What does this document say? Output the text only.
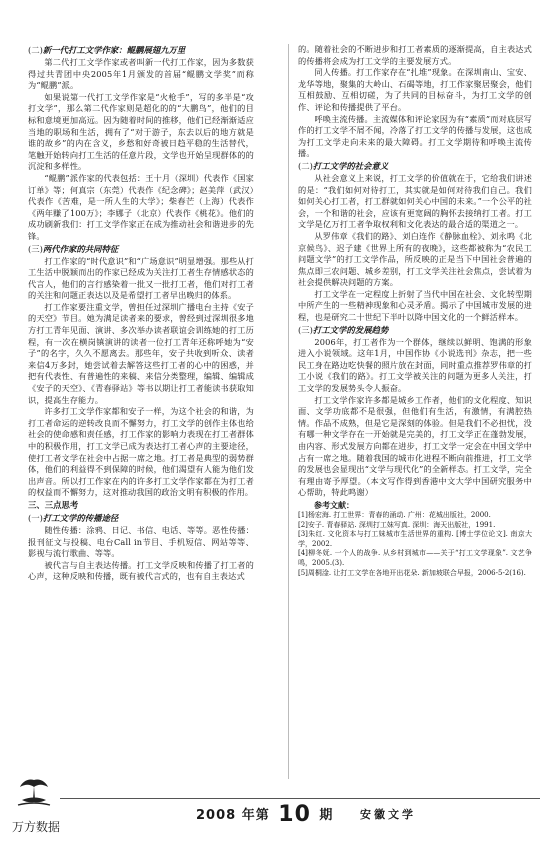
(二)新一代打工文学作家：鲲鹏展翅九万里

第二代打工文学作家或者叫新一代打工作家，因为多数获得过共青团中央2005年1月颁发的首届“鲲鹏文学奖”而称为“鲲鹏”派。

如果说第一代打工文学作家是“火枪手”，写的多半是“攻打文学”，那么第二代作家则是超化的的“大鹏鸟”，他们的目标和意境更加高远。因为随着时间的推移，他们已经渐渐适应当地的职场和生活，拥有了“对于游子，东去以后的地方就是谁的故乡”的内在含义，乡愁和好奇被日趋平稳的生活替代，笔触开始转向打工生活的任意片段，文学也开始呈现群体的的沉淀和多样性。

“鲲鹏”派作家的代表包括：王十月（深圳）代表作《国家订单》等；何真宗（东莞）代表作《纪念碑》；赵美萍（武汉）代表作《苦难，是一所人生的大学》；柴春芒（上海）代表作《两年赚了100万》；李娜子（北京）代表作《桃花》。他们的成功刷新我们：打工文学作家正在成为推动社会和谐进步的先锋。

(三)两代作家的共同特征

打工作家的“时代意识”和“广场意识”明显增强。那些从打工生活中脱颖而出的作家已经成为关注打工者生存情感状态的代言人，他们的言行感染着一批又一批打工者，他们对打工者的关注和问题正表达以及是希望打工者早出晚归的体系。

打工作家要注重文学，曾担任过深圳广播电台主持《安子的天空》节目。她为满足读者来的要求，曾经到过深圳很多地方打工青年见面、演讲、多次举办读者联谊会训练她的打工历程，有一次在横岗镇演讲的读者一位打工青年还称呼她为“安子”的名字，久久不愿离去。那些年，安子共收到听众、读者来信4万多封，她尝试着去解答这些打工者的心中的困惑，并把有代表性、有普遍性的来稿、来信分类整理，编辑、编辑成《安子的天空》、《青春驿站》等书以期让打工者能读书获取知识，提高生存能力。

许多打工文学作家都和安子一样，为这个社会的和谐，为打工者命运的逆转改良而不懈努力，打工文学的创作主体也给社会的使命感和责任感，打工作家的影响力表现在打工者群体中的积极作用，打工文学已成为表达打工者心声的主要途径，使打工者文学在社会中占据一席之地。打工者是典型的弱势群体，他们的利益得不到保障的时候，他们渴望有人能为他们发出声音。所以打工作家在内的许多打工文学作家都在为打工者的权益而不懈努力，这对推动我国的政治文明有积极的作用。

三、三点思考

(一)打工文学的传播途径

随性传播：涂鸦、日记、书信、电话、等等。恶性传播：报刊征文与投稿、电台Call in节目、手机短信、网站等等、影视与流行歌曲、等等。

被代言与自主表达传播。打工文学反映和传播了打工者的心声，这种反映和传播，既有被代言式的，也有自主表达式

的。随着社会的不断进步和打工者素质的逐渐提高，自主表达式的传播将会成为打工文学的主要发展方式。

同人传播。打工作家存在“扎堆”现象。在深圳南山、宝安、龙华等地，聚集的大岭山、石碣等地，打工作家聚居聚会，他们互相鼓励、互相切磋，为了共同的目标奋斗，为打工文学的创作、评论和传播提供了平台。

呼唤主流传播。主流媒体和评论家因为有“素质”而对底层写作的打工文学不屑不闻，冷落了打工文学的传播与发展，这也成为打工文学走向未来的最大障碍。打工文学期待和呼唤主流传播。

(二)打工文学的社会意义

从社会意义上来说，打工文学的价值就在于，它给我们讲述的是：“我们如何对待打工，其实就是如何对待我们自己。我们如何关心打工者，打工群就如何关心中国的未来。”一个公平的社会，一个和谐的社会，应该有更宽阔的胸怀去接纳打工者。打工文学是亿万打工者争取权利和文化表达的最合适的渠道之一。

从罗伟章《我们的路》、刘白连作《静脉血栓》、刘永鸣《北京候鸟》、迟子建《世界上所有的夜晚》，这些都被称为“农民工问题文学”的打工文学作品，所反映的正是当下中国社会普遍的焦点即三农问题、城乡差别，打工文学关注社会焦点，尝试着为社会提供解决问题的方案。

打工文学在一定程度上折射了当代中国在社会、文化转型期中所产生的一些精神现象和心灵矛盾。揭示了中国城市发展的进程，也是研究二十世纪下半叶以降中国文化的一个鲜活样本。

(三)打工文学的发展趋势

2006年，打工者作为一个群体，继续以鲜明、饱满的形象进入小说领域。这年1月，中国作协《小说选刊》杂志，把一些民工身在路边吃快餐的照片放在封面，同时重点推荐罗伟章的打工小说《我们的路》。打工文学被关注的问题为更多人关注，打工文学的发展势头令人振奋。

打工文学作家许多都是城乡工作者，他们的文化程度、知识面、文学功底都不是很强，但他们有生活，有激情，有满腔热情。作品不成熟，但是它是深刻的体验。但是我们不必担忧，没有哪一种文学存在一开始就是完美的，打工文学正在蓬勃发展，由内容、形式发展方向都在进步，打工文学一定会在中国文学中占有一席之地。随着我国的城市化进程不断向前推进，打工文学的发展也会显现出“文学与现代化”的全新样态。打工文学，完全有理由寄予厚望。（本文写作得到香港中文大学中国研究服务中心帮助，特此鸣谢）

参考文献：

[1]杨宏海. 打工世界：青春的涌动. 广州：花城出版社，2000.

[2]安子. 青春驿站. 深圳打工妹写真. 深圳：海天出版社，1991.

[3]朱红. 文化资本与打工妹城市生活世界的重构. [博士学位论文]. 南京大学，2002.

[4]柳冬妩. 一个人的战争. 从乡村到城市——关于“打工文学现象”. 文艺争鸣，2005.(3).

[5]周桐淦. 让打工文学在各地开出花朵. 新加坡联合早报，2006-5-2(16).

2008 年第 10 期 安徽文学
万方数据
